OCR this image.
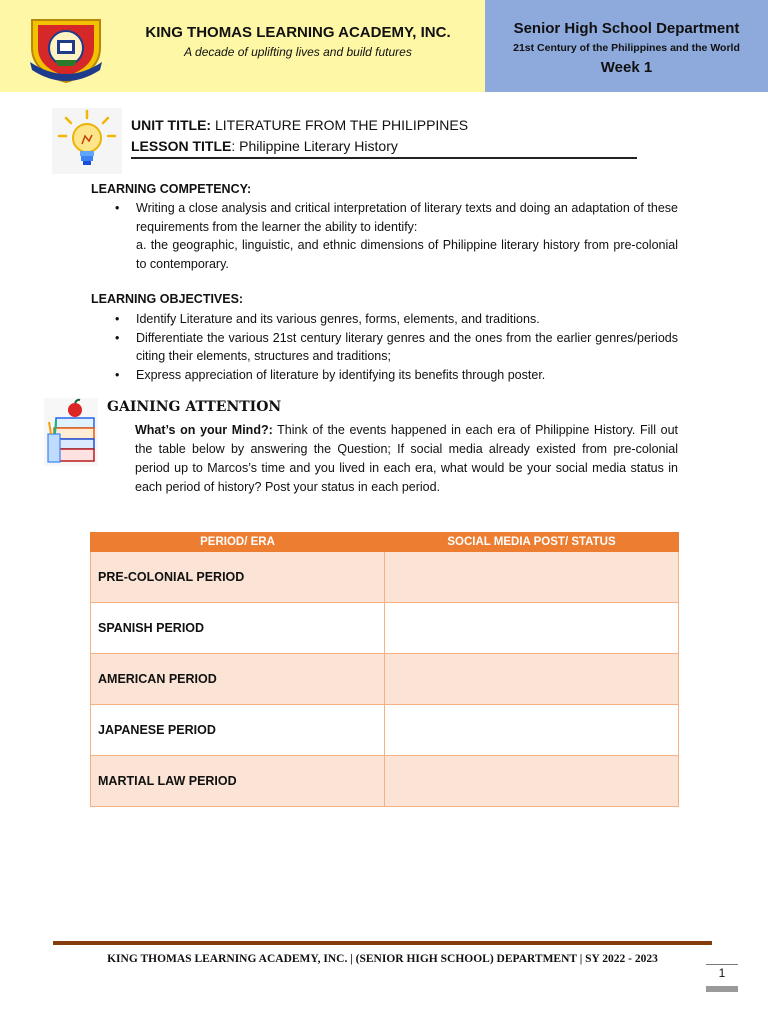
KING THOMAS LEARNING ACADEMY, INC.
A decade of uplifting lives and build futures
Senior High School Department
21st Century of the Philippines and the World
Week 1
UNIT TITLE: LITERATURE FROM THE PHILIPPINES
LESSON TITLE: Philippine Literary History
LEARNING COMPETENCY:
• Writing a close analysis and critical interpretation of literary texts and doing an adaptation of these requirements from the learner the ability to identify:
a. the geographic, linguistic, and ethnic dimensions of Philippine literary history from pre-colonial to contemporary.
LEARNING OBJECTIVES:
• Identify Literature and its various genres, forms, elements, and traditions.
• Differentiate the various 21st century literary genres and the ones from the earlier genres/periods citing their elements, structures and traditions;
• Express appreciation of literature by identifying its benefits through poster.
GAINING ATTENTION
What’s on your Mind?: Think of the events happened in each era of Philippine History. Fill out the table below by answering the Question; If social media already existed from pre-colonial period up to Marcos’s time and you lived in each era, what would be your social media status in each period of history? Post your status in each period.
PERIOD/ ERA	SOCIAL MEDIA POST/ STATUS
PRE-COLONIAL PERIOD	
SPANISH PERIOD	
AMERICAN PERIOD	
JAPANESE PERIOD	
MARTIAL LAW PERIOD	
KING THOMAS LEARNING ACADEMY, INC. | (SENIOR HIGH SCHOOL) DEPARTMENT | SY 2022 - 2023
1
